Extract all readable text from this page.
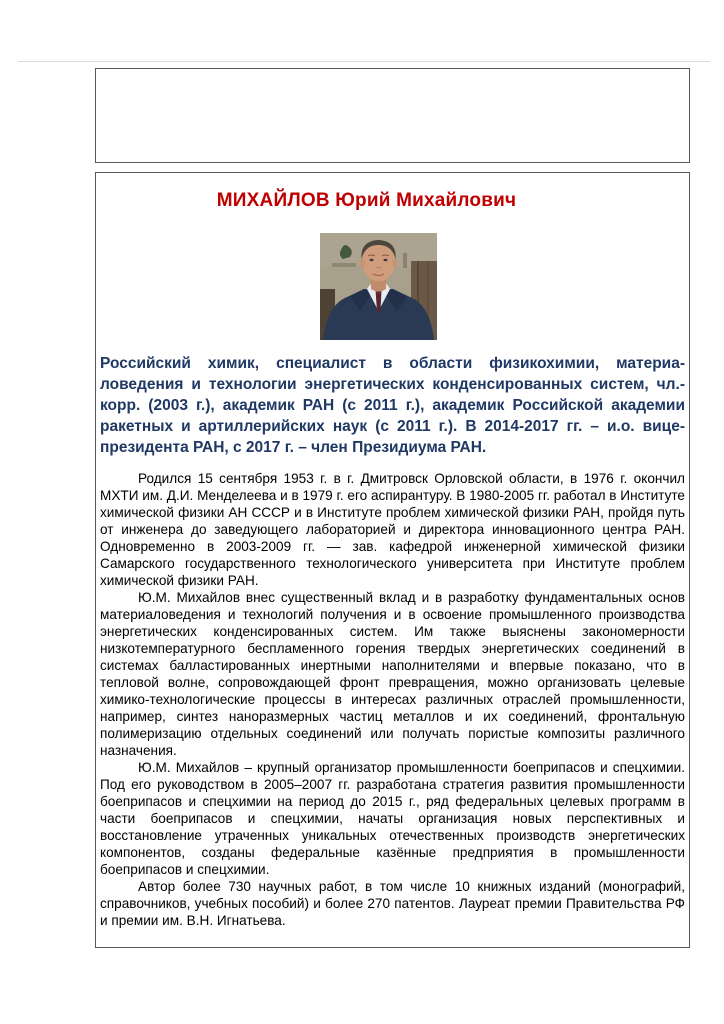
МИХАЙЛОВ Юрий Михайлович

Российский химик, специалист в области физикохимии, материа-ловедения и технологии энергетических конденсированных систем, чл.-корр. (2003 г.), академик РАН (с 2011 г.), академик Российской академии ракетных и артиллерийских наук (с 2011 г.). В 2014-2017 гг. – и.о. вице-президента РАН, с 2017 г. – член Президиума РАН.

Родился 15 сентября 1953 г. в г. Дмитровск Орловской области, в 1976 г. окончил МХТИ им. Д.И. Менделеева и в 1979 г. его аспирантуру. В 1980-2005 гг. работал в Институте химической физики АН СССР и в Институте проблем химической физики РАН, пройдя путь от инженера до заведующего лабораторией и директора инновационного центра РАН. Одновременно в 2003-2009 гг. — зав. кафедрой инженерной химической физики Самарского государственного технологического университета при Институте проблем химической физики РАН.

Ю.М. Михайлов внес существенный вклад и в разработку фундаментальных основ материаловедения и технологий получения и в освоение промышленного производства энергетических конденсированных систем. Им также выяснены закономерности низкотемпературного беспламенного горения твердых энергетических соединений в системах балластированных инертными наполнителями и впервые показано, что в тепловой волне, сопровождающей фронт превращения, можно организовать целевые химико-технологические процессы в интересах различных отраслей промышленности, например, синтез наноразмерных частиц металлов и их соединений, фронтальную полимеризацию отдельных соединений или получать пористые композиты различного назначения.

Ю.М. Михайлов – крупный организатор промышленности боеприпасов и спецхимии. Под его руководством в 2005–2007 гг. разработана стратегия развития промышленности боеприпасов и спецхимии на период до 2015 г., ряд федеральных целевых программ в части боеприпасов и спецхимии, начаты организация новых перспективных и восстановление утраченных уникальных отечественных производств энергетических компонентов, созданы федеральные казённые предприятия в промышленности боеприпасов и спецхимии.

Автор более 730 научных работ, в том числе 10 книжных изданий (монографий, справочников, учебных пособий) и более 270 патентов. Лауреат премии Правительства РФ и премии им. В.Н. Игнатьева.
